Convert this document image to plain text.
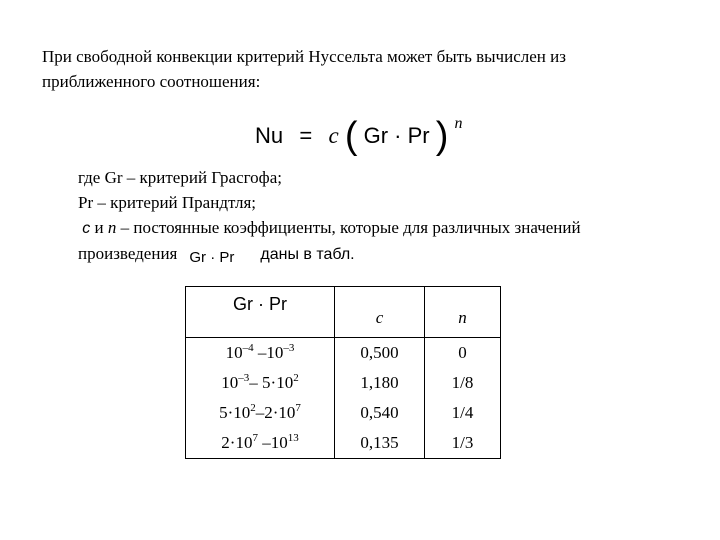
При свободной конвекции критерий Нуссельта может быть вычислен из
приближенного соотношения:
Nu = c ( Gr · Pr ) $^n$
где Gr – критерий Грасгофа;
Pr – критерий Прандтля;
c и n – постоянные коэффициенты, которые для различных значений
произведения Gr · Pr даны в табл.
Gr · Pr	c	n

$10^{-4}$ $-10^{-3}$	0,500	0
$10^{-3}-$ $5\cdot 10^2$	1,180	1/8
$5\cdot 10^2-2\cdot 10^7$	0,540	1/4
$2\cdot 10^7$ $-10^{13}$	0,135	1/3
